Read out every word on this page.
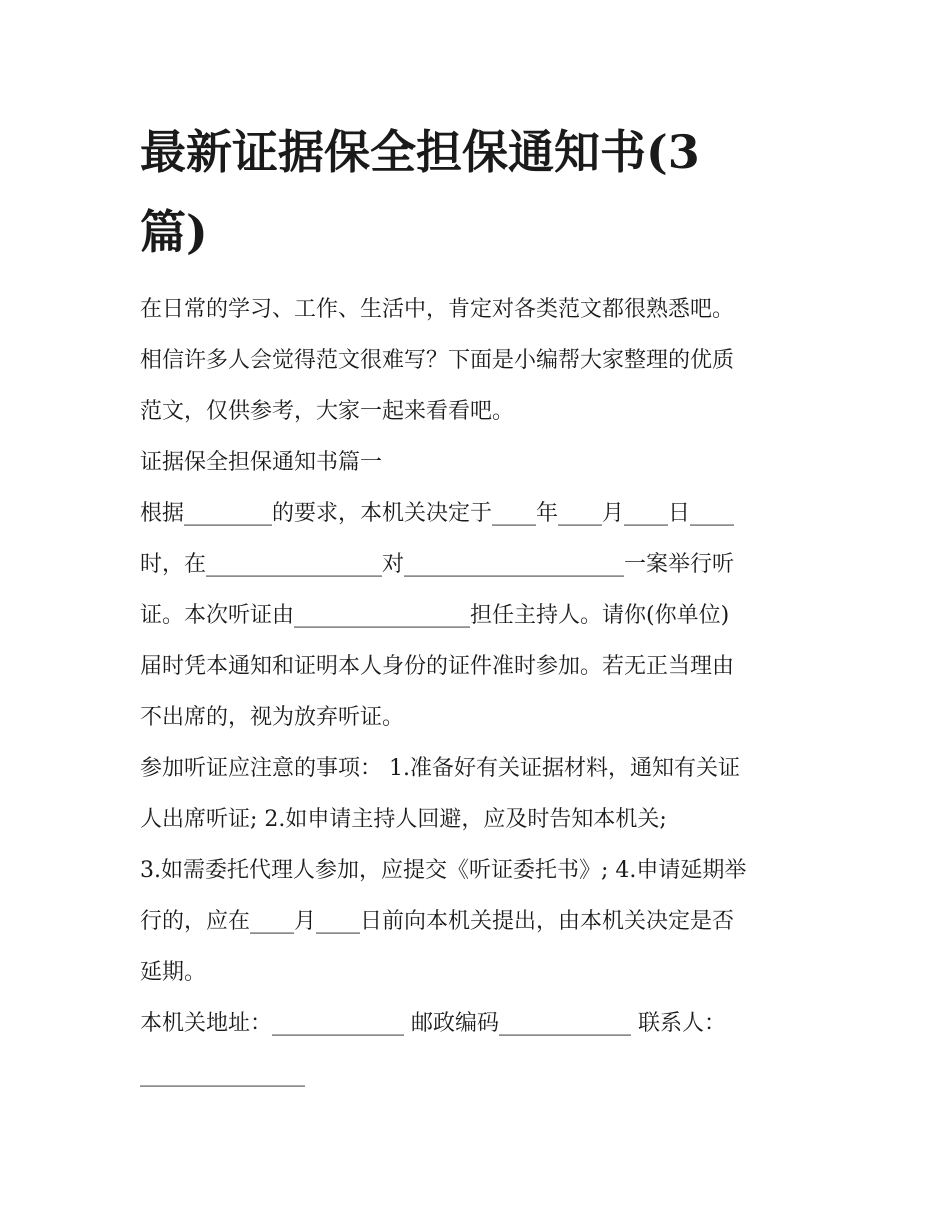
最新证据保全担保通知书(3
篇)

在日常的学习、工作、生活中，肯定对各类范文都很熟悉吧。

相信许多人会觉得范文很难写？下面是小编帮大家整理的优质

范文，仅供参考，大家一起来看看吧。

证据保全担保通知书篇一

根据________的要求，本机关决定于____年____月____日____

时，在________________对____________________一案举行听

证。本次听证由________________担任主持人。请你(你单位)

届时凭本通知和证明本人身份的证件准时参加。若无正当理由

不出席的，视为放弃听证。

参加听证应注意的事项： 1.准备好有关证据材料，通知有关证

人出席听证; 2.如申请主持人回避，应及时告知本机关;

3.如需委托代理人参加，应提交《听证委托书》; 4.申请延期举

行的，应在____月____日前向本机关提出，由本机关决定是否

延期。

本机关地址：____________ 邮政编码____________ 联系人：

_______________
